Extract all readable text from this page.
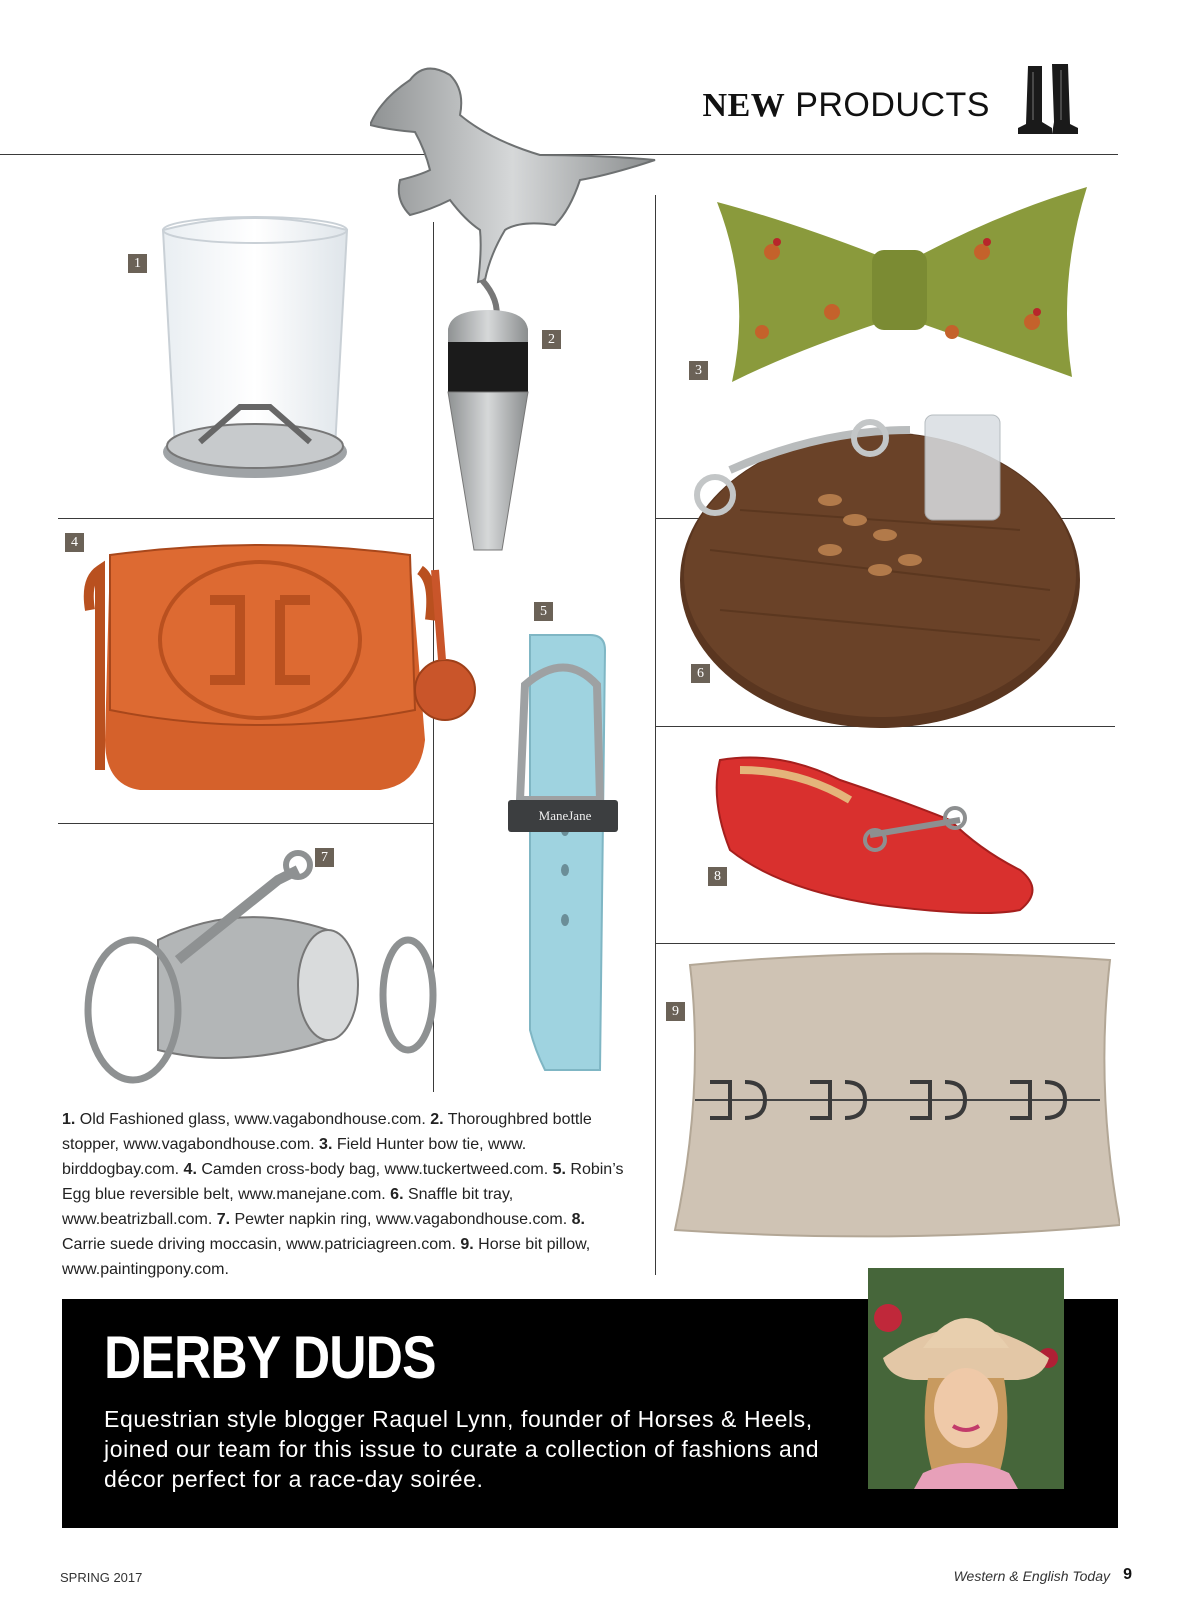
NEW PRODUCTS
1
2
3
4
ManeJane
5
6
7
8
9
1. Old Fashioned glass, www.vagabondhouse.com. 2. Thoroughbred bottle stopper, www.vagabondhouse.com. 3. Field Hunter bow tie, www. birddogbay.com. 4. Camden cross-body bag, www.tuckertweed.com. 5. Robin’s Egg blue reversible belt, www.manejane.com. 6. Snaffle bit tray, www.beatrizball.com. 7. Pewter napkin ring, www.vagabondhouse.com. 8. Carrie suede driving moccasin, www.patriciagreen.com. 9. Horse bit pillow, www.paintingpony.com.
DERBY DUDS

Equestrian style blogger Raquel Lynn, founder of Horses & Heels, joined our team for this issue to curate a collection of fashions and décor perfect for a race-day soirée.

SPRING 2017	Western & English Today 9
